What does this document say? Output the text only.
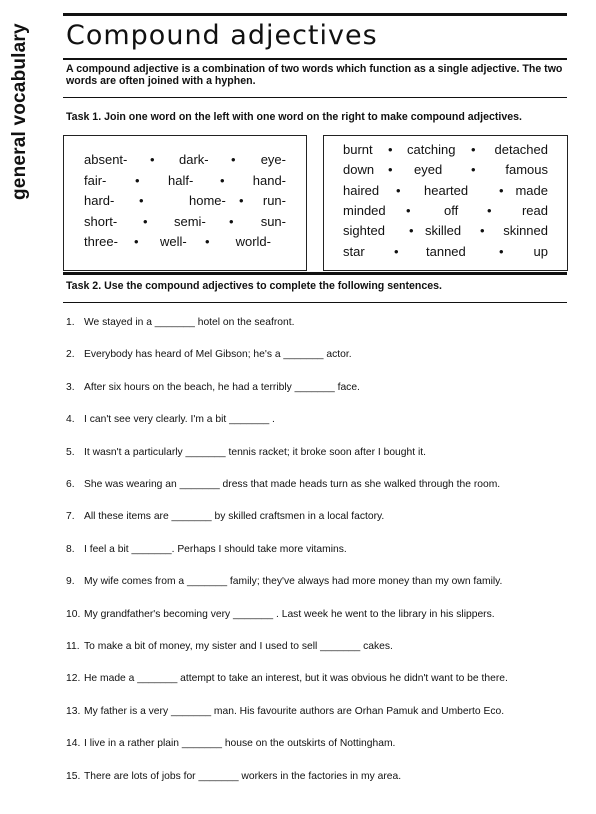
general vocabulary Compound adjectives
A compound adjective is a combination of two words which function as a single adjective. The two words are often joined with a hyphen.
Task 1. Join one word on the left with one word on the right to make compound adjectives.
absent- • dark- • eye-
fair- • half- • hand-
hard- •	home- • run-
short- • semi- • sun-
three- • well- • world-
burnt • catching • detached
down • eyed • famous
haired • hearted • made
minded •	off • read
sighted • skilled • skinned
star • tanned	• up
Task 2. Use the compound adjectives to complete the following sentences.
1. We stayed in a _______ hotel on the seafront.
2. Everybody has heard of Mel Gibson; he's a _______ actor.
3. After six hours on the beach, he had a terribly _______ face.
4. I can't see very clearly. I'm a bit _______ .
5. It wasn't a particularly _______ tennis racket; it broke soon after I bought it.
6. She was wearing an _______ dress that made heads turn as she walked through the room.
7. All these items are _______ by skilled craftsmen in a local factory.
8. I feel a bit _______. Perhaps I should take more vitamins.
9. My wife comes from a _______ family; they've always had more money than my own family.
10. My grandfather's becoming very _______ . Last week he went to the library in his slippers.
11. To make a bit of money, my sister and I used to sell _______ cakes.
12. He made a _______ attempt to take an interest, but it was obvious he didn't want to be there.
13. My father is a very _______ man. His favourite authors are Orhan Pamuk and Umberto Eco.
14. I live in a rather plain _______ house on the outskirts of Nottingham.
15. There are lots of jobs for _______ workers in the factories in my area.
